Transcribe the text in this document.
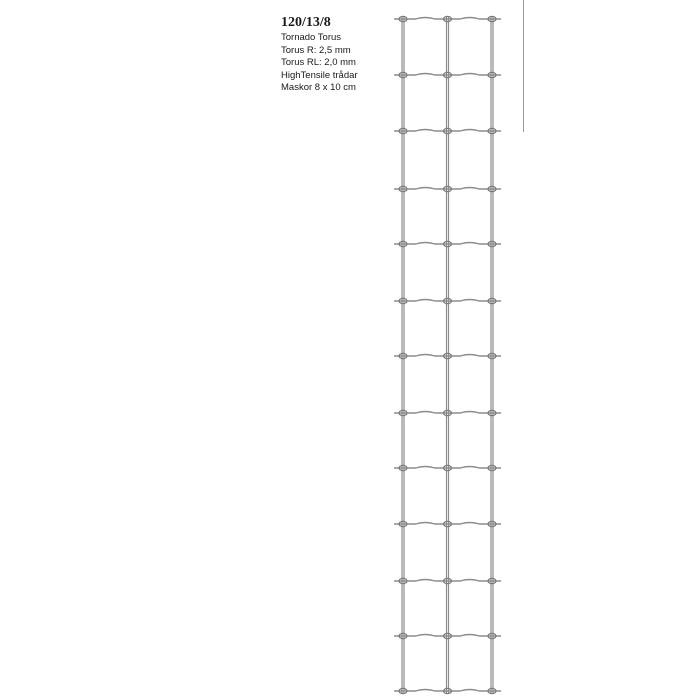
120/13/8
Tornado Torus
Torus R: 2,5 mm
Torus RL: 2,0 mm
HighTensile trådar
Maskor 8 x 10 cm
